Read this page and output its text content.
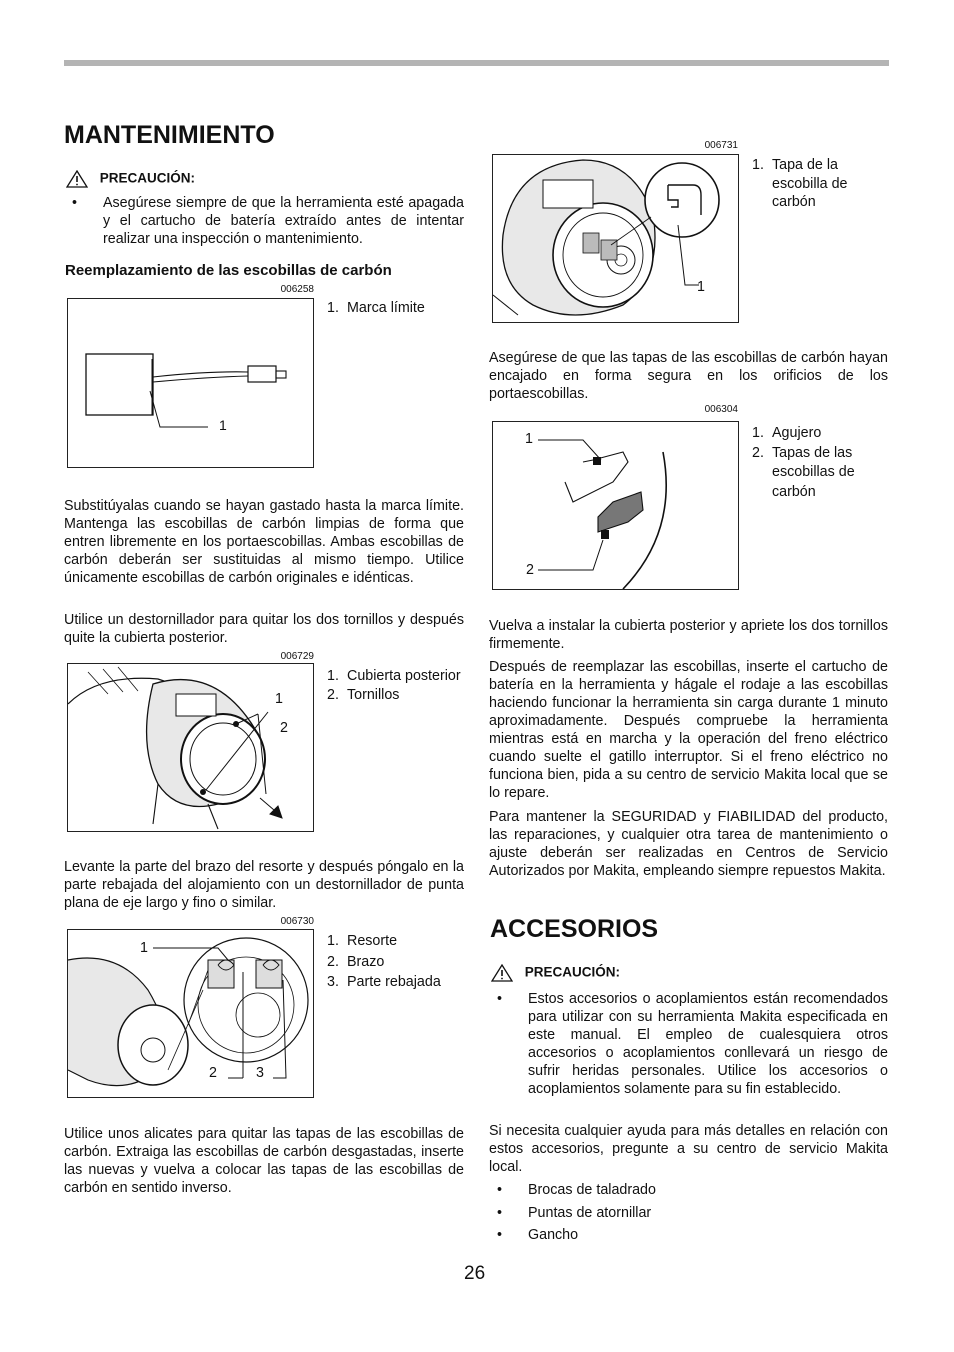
MANTENIMIENTO
PRECAUCIÓN:
• Asegúrese siempre de que la herramienta esté apagada y el cartucho de batería extraído antes de intentar realizar una inspección o mantenimiento.

Reemplazamiento de las escobillas de carbón
006258
1
1. Marca límite

Substitúyalas cuando se hayan gastado hasta la marca límite. Mantenga las escobillas de carbón limpias de forma que entren libremente en los portaescobillas. Ambas escobillas de carbón deberán ser sustituidas al mismo tiempo. Utilice únicamente escobillas de carbón originales e idénticas.

Utilice un destornillador para quitar los dos tornillos y después quite la cubierta posterior.

006729
1
2
1. Cubierta posterior
2. Tornillos

Levante la parte del brazo del resorte y después póngalo en la parte rebajada del alojamiento con un destornillador de punta plana de eje largo y fino o similar.

006730
1
2	3
1. Resorte
2. Brazo
3. Parte rebajada

Utilice unos alicates para quitar las tapas de las escobillas de carbón. Extraiga las escobillas de carbón desgastadas, inserte las nuevas y vuelva a colocar las tapas de las escobillas de carbón en sentido inverso.

006731
1
1. Tapa de la escobilla de carbón

Asegúrese de que las tapas de las escobillas de carbón hayan encajado en forma segura en los orificios de los portaescobillas.

006304
1
2
1. Agujero
2. Tapas de las escobillas de carbón

Vuelva a instalar la cubierta posterior y apriete los dos tornillos firmemente.

Después de reemplazar las escobillas, inserte el cartucho de batería en la herramienta y hágale el rodaje a las escobillas haciendo funcionar la herramienta sin carga durante 1 minuto aproximadamente. Después compruebe la herramienta mientras está en marcha y la operación del freno eléctrico cuando suelte el gatillo interruptor. Si el freno eléctrico no funciona bien, pida a su centro de servicio Makita local que se lo repare.

Para mantener la SEGURIDAD y FIABILIDAD del producto, las reparaciones, y cualquier otra tarea de mantenimiento o ajuste deberán ser realizadas en Centros de Servicio Autorizados por Makita, empleando siempre repuestos Makita.

ACCESORIOS
PRECAUCIÓN:
• Estos accesorios o acoplamientos están recomendados para utilizar con su herramienta Makita especificada en este manual. El empleo de cualesquiera otros accesorios o acoplamientos conllevará un riesgo de sufrir heridas personales. Utilice los accesorios o acoplamientos solamente para su fin establecido.

Si necesita cualquier ayuda para más detalles en relación con estos accesorios, pregunte a su centro de servicio Makita local.

• Brocas de taladrado
• Puntas de atornillar
• Gancho
26
